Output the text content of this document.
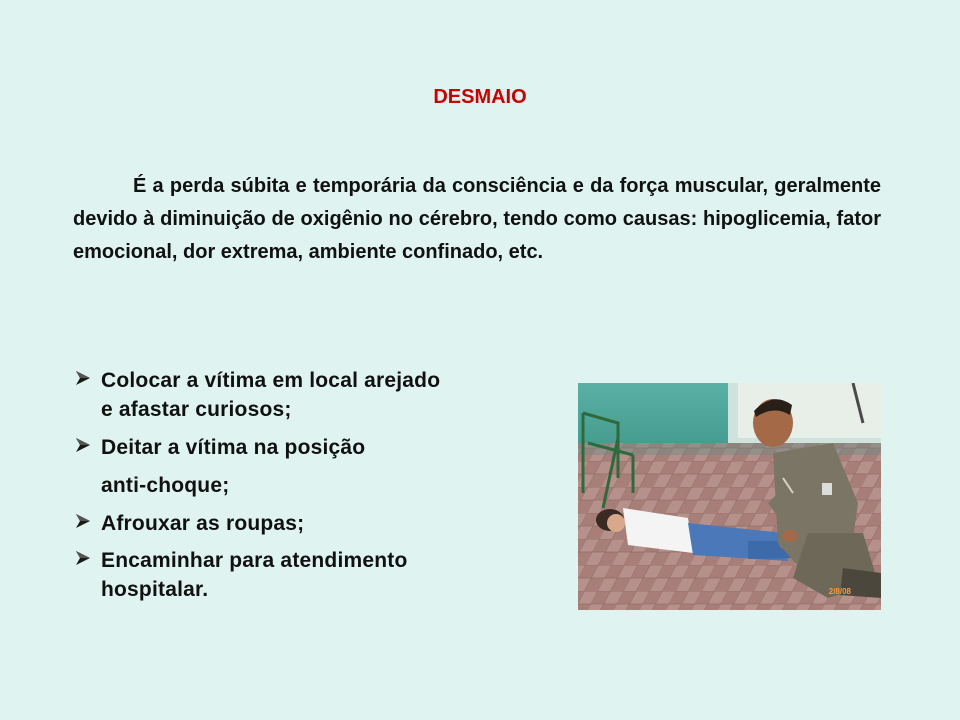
DESMAIO
É a perda súbita e temporária da consciência e da força muscular, geralmente devido à diminuição de oxigênio no cérebro, tendo como causas: hipoglicemia, fator emocional, dor extrema, ambiente confinado, etc.
Colocar a vítima em local arejado
e afastar curiosos;
Deitar a vítima na posição
anti-choque;
Afrouxar as roupas;
Encaminhar para atendimento
hospitalar.	2/8/08
